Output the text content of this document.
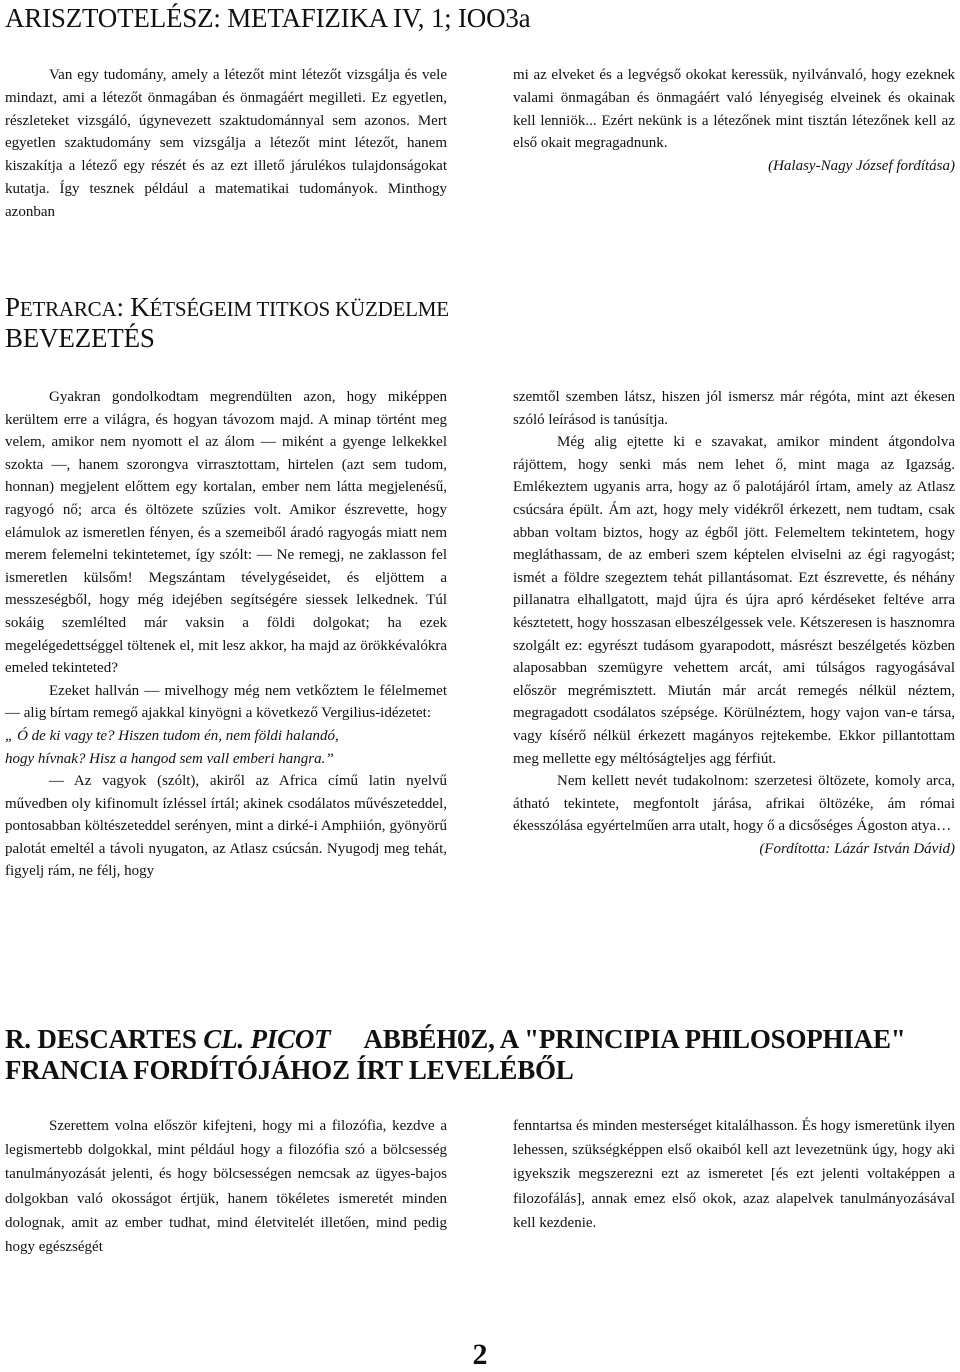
ARISZTOTELÉSZ: METAFIZIKA IV, 1; IOO3a

Van egy tudomány, amely a létezőt mint létezőt vizsgálja és vele mindazt, ami a létezőt önmagában és önmagáért megilleti. Ez egyetlen, részleteket vizsgáló, úgynevezett szaktudománnyal sem azonos. Mert egyetlen szaktudomány sem vizsgálja a létezőt mint létezőt, hanem kiszakítja a létező egy részét és az ezt illető járulékos tulajdonságokat kutatja. Így tesznek például a matematikai tudományok. Minthogy azonban

mi az elveket és a legvégső okokat keressük, nyilvánvaló, hogy ezeknek valami önmagában és önmagáért való lényegiség elveinek és okainak kell lenniök... Ezért nekünk is a létezőnek mint tisztán létezőnek kell az első okait megragadnunk.

(Halasy-Nagy József fordítása)

PETRARCA: KÉTSÉGEIM TITKOS KÜZDELME
BEVEZETÉS

Gyakran gondolkodtam megrendülten azon, hogy miképpen kerültem erre a világra, és hogyan távozom majd. A minap történt meg velem, amikor nem nyomott el az álom — miként a gyenge lelkekkel szokta —, hanem szorongva virrasztottam, hirtelen (azt sem tudom, honnan) megjelent előttem egy kortalan, ember nem látta megjelenésű, ragyogó nő; arca és öltözete szűzies volt. Amikor észrevette, hogy elámulok az ismeretlen fényen, és a szemeiből áradó ragyogás miatt nem merem felemelni tekintetemet, így szólt: — Ne remegj, ne zaklasson fel ismeretlen külsőm! Megszántam tévelygéseidet, és eljöttem a messzeségből, hogy még idejében segítségére siessek lelkednek. Túl sokáig szemlélted már vaksin a földi dolgokat; ha ezek megelégedettséggel töltenek el, mit lesz akkor, ha majd az örökkévalókra emeled tekinteted?

Ezeket hallván — mivelhogy még nem vetkőztem le félelmemet — alig bírtam remegő ajakkal kinyögni a következő Vergilius-idézetet:

„ Ó de ki vagy te? Hiszen tudom én, nem földi halandó,
hogy hívnak? Hisz a hangod sem vall emberi hangra.”

— Az vagyok (szólt), akiről az Africa című latin nyelvű művedben oly kifinomult ízléssel írtál; akinek csodálatos művészeteddel, pontosabban költészeteddel serényen, mint a dirké-i Amphiión, gyönyörű palotát emeltél a távoli nyugaton, az Atlasz csúcsán. Nyugodj meg tehát, figyelj rám, ne félj, hogy

szemtől szemben látsz, hiszen jól ismersz már régóta, mint azt ékesen szóló leírásod is tanúsítja.

Még alig ejtette ki e szavakat, amikor mindent átgondolva rájöttem, hogy senki más nem lehet ő, mint maga az Igazság. Emlékeztem ugyanis arra, hogy az ő palotájáról írtam, amely az Atlasz csúcsára épült. Ám azt, hogy mely vidékről érkezett, nem tudtam, csak abban voltam biztos, hogy az égből jött. Felemeltem tekintetem, hogy megláthassam, de az emberi szem képtelen elviselni az égi ragyogást; ismét a földre szegeztem tehát pillantásomat. Ezt észrevette, és néhány pillanatra elhallgatott, majd újra és újra apró kérdéseket feltéve arra késztetett, hogy hosszasan elbeszélgessek vele. Kétszeresen is hasznomra szolgált ez: egyrészt tudásom gyarapodott, másrészt beszélgetés közben alaposabban szemügyre vehettem arcát, ami túlságos ragyogásával először megrémisztett. Miután már arcát remegés nélkül néztem, megragadott csodálatos szépsége. Körülnéztem, hogy vajon van-e társa, vagy kísérő nélkül érkezett magányos rejtekembe. Ekkor pillantottam meg mellette egy méltóságteljes agg férfiút.

Nem kellett nevét tudakolnom: szerzetesi öltözete, komoly arca, átható tekintete, megfontolt járása, afrikai öltözéke, ám római ékesszólása egyértelműen arra utalt, hogy ő a dicsőséges Ágoston atya…

(Fordította: Lázár István Dávid)

R. DESCARTES CL. PICOT ABBÉH0Z, A "PRINCIPIA PHILOSOPHIAE"
FRANCIA FORDÍTÓJÁHOZ ÍRT LEVELÉBŐL

Szerettem volna először kifejteni, hogy mi a filozófia, kezdve a legismertebb dolgokkal, mint például hogy a filozófia szó a bölcsesség tanulmányozását jelenti, és hogy bölcsességen nemcsak az ügyes-bajos dolgokban való okosságot értjük, hanem tökéletes ismeretét minden dolognak, amit az ember tudhat, mind életvitelét illetően, mind pedig hogy egészségét

fenntartsa és minden mesterséget kitalálhasson. És hogy ismeretünk ilyen lehessen, szükségképpen első okaiból kell azt levezetnünk úgy, hogy aki igyekszik megszerezni ezt az ismeretet [és ezt jelenti voltaképpen a filozofálás], annak emez első okok, azaz alapelvek tanulmányozásával kell kezdenie.

2
